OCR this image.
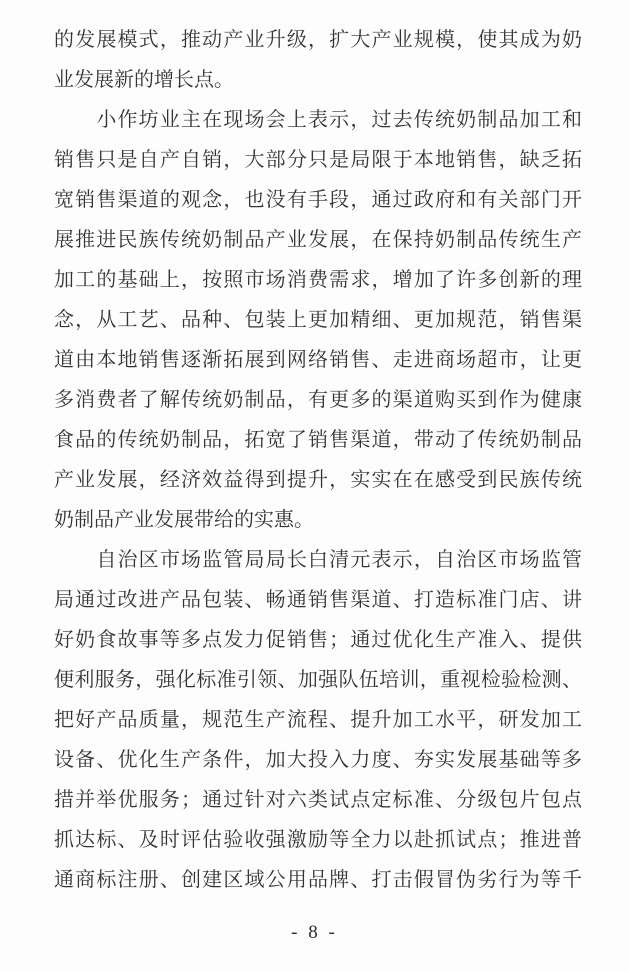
的发展模式，推动产业升级，扩大产业规模，使其成为奶
业发展新的增长点。
　　小作坊业主在现场会上表示，过去传统奶制品加工和
销售只是自产自销，大部分只是局限于本地销售，缺乏拓
宽销售渠道的观念，也没有手段，通过政府和有关部门开
展推进民族传统奶制品产业发展，在保持奶制品传统生产
加工的基础上，按照市场消费需求，增加了许多创新的理
念，从工艺、品种、包装上更加精细、更加规范，销售渠
道由本地销售逐渐拓展到网络销售、走进商场超市，让更
多消费者了解传统奶制品，有更多的渠道购买到作为健康
食品的传统奶制品，拓宽了销售渠道，带动了传统奶制品
产业发展，经济效益得到提升，实实在在感受到民族传统
奶制品产业发展带给的实惠。
　　自治区市场监管局局长白清元表示，自治区市场监管
局通过改进产品包装、畅通销售渠道、打造标准门店、讲
好奶食故事等多点发力促销售；通过优化生产准入、提供
便利服务，强化标准引领、加强队伍培训，重视检验检测、
把好产品质量，规范生产流程、提升加工水平，研发加工
设备、优化生产条件，加大投入力度、夯实发展基础等多
措并举优服务；通过针对六类试点定标准、分级包片包点
抓达标、及时评估验收强激励等全力以赴抓试点；推进普
通商标注册、创建区域公用品牌、打击假冒伪劣行为等千
- 8 -
